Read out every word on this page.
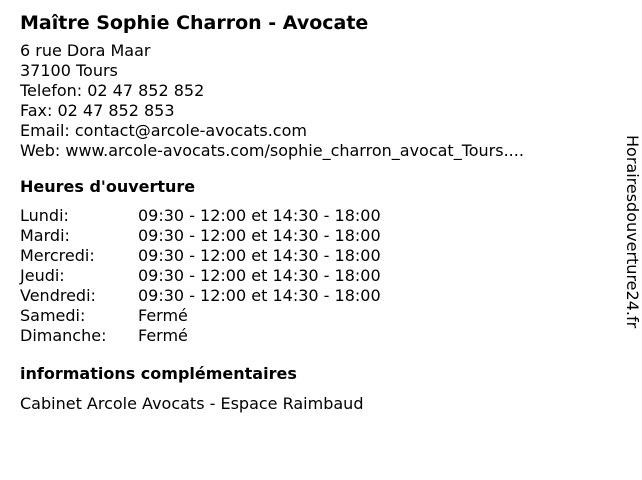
Maître Sophie Charron - Avocate
6 rue Dora Maar
37100 Tours
Telefon: 02 47 852 852
Fax: 02 47 852 853
Email: contact@arcole-avocats.com
Web: www.arcole-avocats.com/sophie_charron_avocat_Tours....
Heures d'ouverture
Lundi:	09:30 - 12:00 et 14:30 - 18:00
Mardi:	09:30 - 12:00 et 14:30 - 18:00
Mercredi:	09:30 - 12:00 et 14:30 - 18:00
Jeudi:	09:30 - 12:00 et 14:30 - 18:00
Vendredi:	09:30 - 12:00 et 14:30 - 18:00
Samedi:	Fermé
Dimanche:	Fermé
informations complémentaires
Cabinet Arcole Avocats - Espace Raimbaud
Horairesdouverture24.fr
